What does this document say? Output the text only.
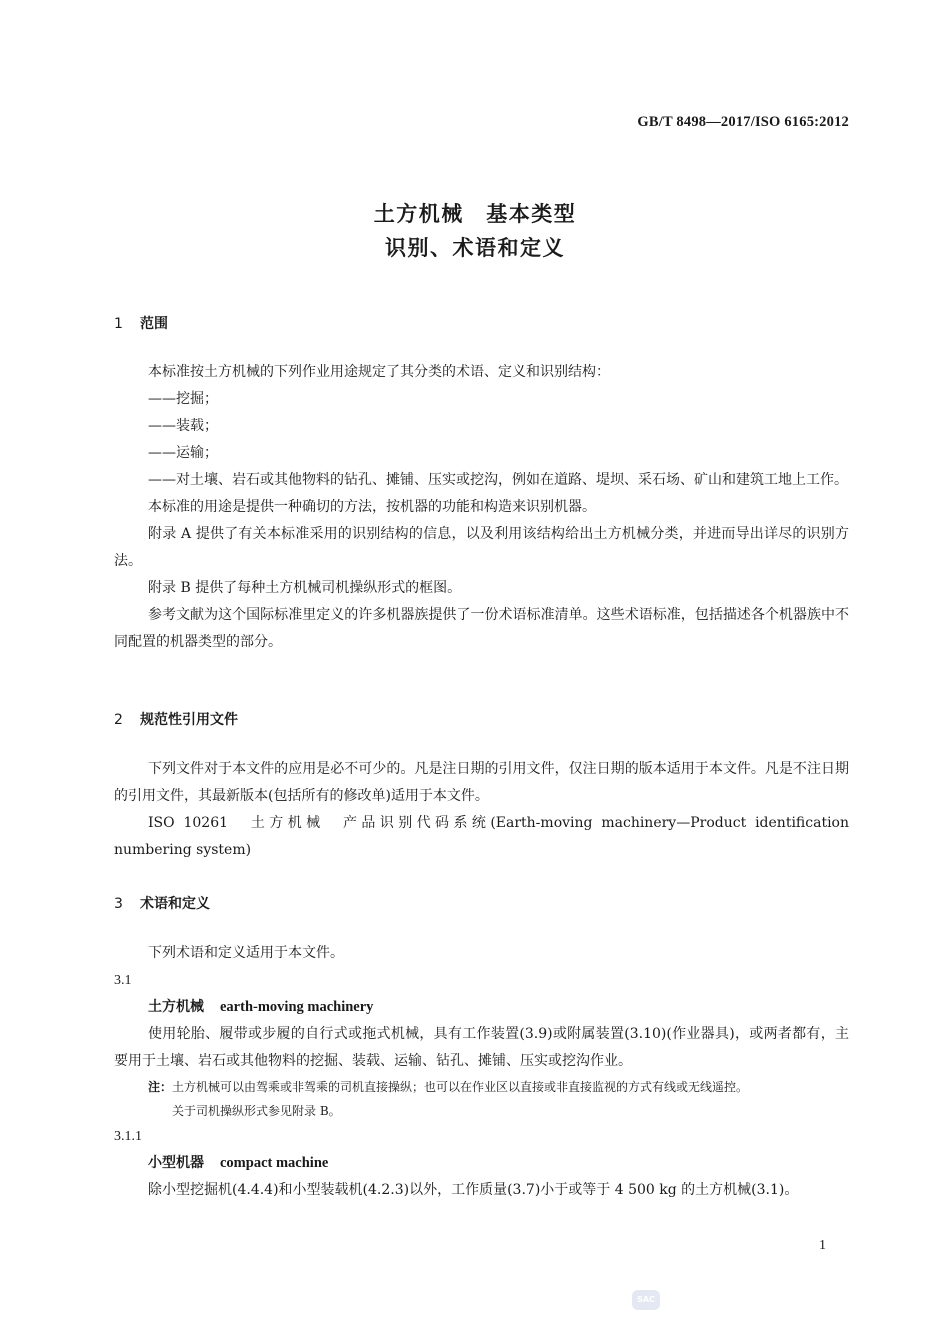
GB/T 8498—2017/ISO 6165:2012
土方机械　基本类型
识别、术语和定义
1 范围

本标准按土方机械的下列作业用途规定了其分类的术语、定义和识别结构：

——挖掘；

——装载；

——运输；

——对土壤、岩石或其他物料的钻孔、摊铺、压实或挖沟，例如在道路、堤坝、采石场、矿山和建筑工地上工作。

本标准的用途是提供一种确切的方法，按机器的功能和构造来识别机器。

附录 A 提供了有关本标准采用的识别结构的信息，以及利用该结构给出土方机械分类，并进而导出详尽的识别方法。

附录 B 提供了每种土方机械司机操纵形式的框图。

参考文献为这个国际标准里定义的许多机器族提供了一份术语标准清单。这些术语标准，包括描述各个机器族中不同配置的机器类型的部分。

2 规范性引用文件

下列文件对于本文件的应用是必不可少的。凡是注日期的引用文件，仅注日期的版本适用于本文件。凡是不注日期的引用文件，其最新版本(包括所有的修改单)适用于本文件。

ISO 10261　土方机械　产品识别代码系统(Earth-moving machinery—Product identification numbering system)

3 术语和定义

下列术语和定义适用于本文件。

3.1

土方机械 earth-moving machinery

使用轮胎、履带或步履的自行式或拖式机械，具有工作装置(3.9)或附属装置(3.10)(作业器具)，或两者都有，主要用于土壤、岩石或其他物料的挖掘、装载、运输、钻孔、摊铺、压实或挖沟作业。

注：土方机械可以由驾乘或非驾乘的司机直接操纵；也可以在作业区以直接或非直接监视的方式有线或无线遥控。

关于司机操纵形式参见附录 B。

3.1.1

小型机器 compact machine

除小型挖掘机(4.4.4)和小型装载机(4.2.3)以外，工作质量(3.7)小于或等于 4 500 kg 的土方机械(3.1)。

1
SAC
